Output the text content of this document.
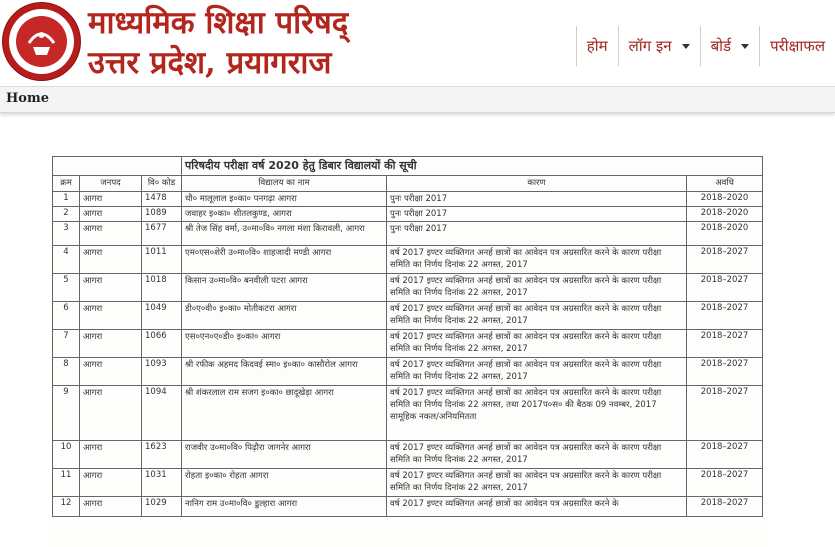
माध्यमिक शिक्षा परिषद्
उत्तर प्रदेश, प्रयागराज	होम लॉग इन	बोर्ड	परीक्षाफल
Home
			परिषदीय परीक्षा वर्ष 2020 हेतु डिबार विद्यालयों की सूची		
क्रम	जनपद	वि० कोड	विद्यालय का नाम	कारण	अवधि
1	आगरा	1478	चौ० मालूलाल इ०का० पनगढ़ा आगरा	पुनः परीक्षा 2017	2018–2020
2	आगरा	1089	जवाहर इ०का० शीतलकुण्ड, आगरा	पुनः परीक्षा 2017	2018–2020
3	आगरा	1677	श्री तेज सिंह वर्मा, उ०मा०वि० नगला मंशा किरावली, आगरा	पुनः परीक्षा 2017	2018–2020
4	आगरा	1011	एम०एस०शेरी उ०मा०वि० शाहजादी मण्डी आगरा	वर्ष 2017 इण्टर व्यक्तिगत अनर्ह छात्रों का आवेदन पत्र अग्रसारित करने के कारण परीक्षा समिति का निर्णय दिनांक 22 अगस्त, 2017	2018–2027
5	आगरा	1018	किसान उ०मा०वि० बनवीली पटरा आगरा	वर्ष 2017 इण्टर व्यक्तिगत अनर्ह छात्रों का आवेदन पत्र अग्रसारित करने के कारण परीक्षा समिति का निर्णय दिनांक 22 अगस्त, 2017	2018–2027
6	आगरा	1049	डी०ए०वी० इ०का० मोतीकटरा आगरा	वर्ष 2017 इण्टर व्यक्तिगत अनर्ह छात्रों का आवेदन पत्र अग्रसारित करने के कारण परीक्षा समिति का निर्णय दिनांक 22 अगस्त, 2017	2018–2027
7	आगरा	1066	एस०एन०ए०डी० इ०का० आगरा	वर्ष 2017 इण्टर व्यक्तिगत अनर्ह छात्रों का आवेदन पत्र अग्रसारित करने के कारण परीक्षा समिति का निर्णय दिनांक 22 अगस्त, 2017	2018–2027
8	आगरा	1093	श्री रफीक अहमद किदवई स्मा० इ०का० कासौरोल आगरा	वर्ष 2017 इण्टर व्यक्तिगत अनर्ह छात्रों का आवेदन पत्र अग्रसारित करने के कारण परीक्षा समिति का निर्णय दिनांक 22 अगस्त, 2017	2018–2027
9	आगरा	1094	श्री शंकरलाल राम सजग इ०का० छादूखेड़ा आगरा	वर्ष 2017 इण्टर व्यक्तिगत अनर्ह छात्रों का आवेदन पत्र अग्रसारित करने के कारण परीक्षा समिति का निर्णय दिनांक 22 अगस्त, तथा 2017प०स० की बैठक 09 नवम्बर, 2017 सामूहिक नकल/अनियमितता	2018–2027
10	आगरा	1623	राजवीर उ०मा०वि० पिढ़ौरा जागनेर आगरा	वर्ष 2017 इण्टर व्यक्तिगत अनर्ह छात्रों का आवेदन पत्र अग्रसारित करने के कारण परीक्षा समिति का निर्णय दिनांक 22 अगस्त, 2017	2018–2027
11	आगरा	1031	रोहता इ०का० रोहता आगरा	वर्ष 2017 इण्टर व्यक्तिगत अनर्ह छात्रों का आवेदन पत्र अग्रसारित करने के कारण परीक्षा समिति का निर्णय दिनांक 22 अगस्त, 2017	2018–2027
12	आगरा	1029	नानिग राम उ०मा०वि० डुल्हारा आगरा	वर्ष 2017 इण्टर व्यक्तिगत अनर्ह छात्रों का आवेदन पत्र अग्रसारित करने के	2018–2027
